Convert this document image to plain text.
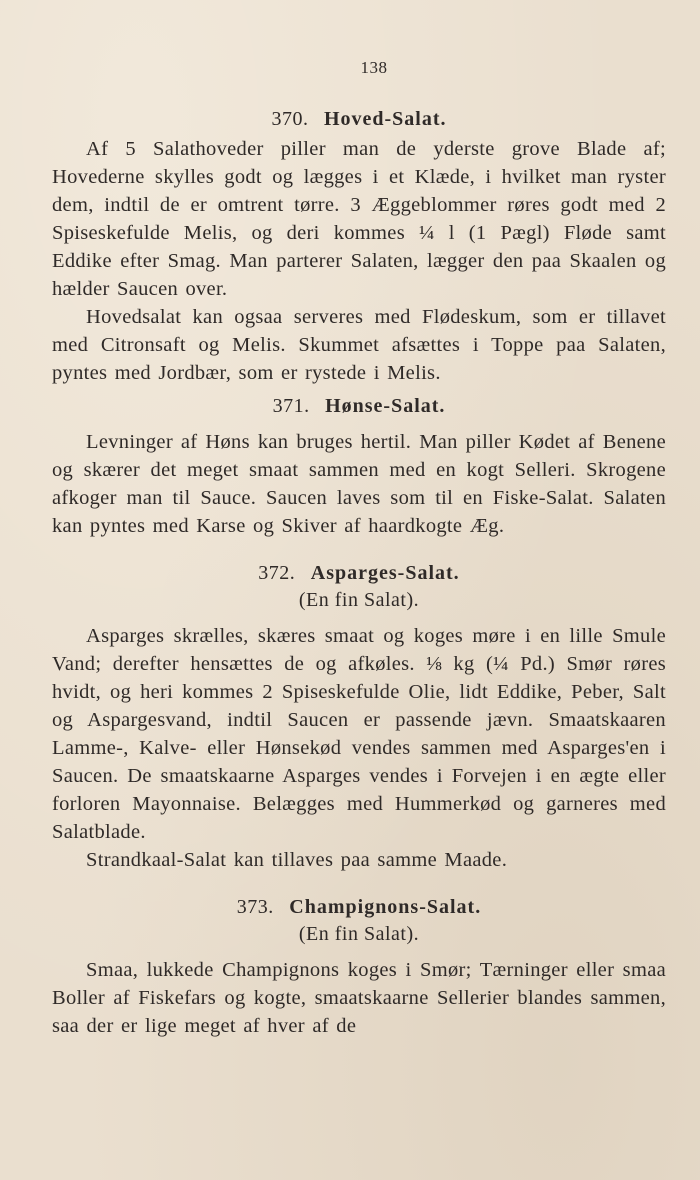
138
370. Hoved-Salat.

Af 5 Salathoveder piller man de yderste grove Blade af; Hovederne skylles godt og lægges i et Klæde, i hvilket man ryster dem, indtil de er omtrent tørre. 3 Æggeblommer røres godt med 2 Spiseskefulde Melis, og deri kommes ¼ l (1 Pægl) Fløde samt Eddike efter Smag. Man parterer Salaten, lægger den paa Skaalen og hælder Saucen over.

Hovedsalat kan ogsaa serveres med Flødeskum, som er tillavet med Citronsaft og Melis. Skummet afsættes i Toppe paa Salaten, pyntes med Jordbær, som er rystede i Melis.

371. Hønse-Salat.

Levninger af Høns kan bruges hertil. Man piller Kødet af Benene og skærer det meget smaat sammen med en kogt Selleri. Skrogene afkoger man til Sauce. Saucen laves som til en Fiske-Salat. Salaten kan pyntes med Karse og Skiver af haardkogte Æg.

372. Asparges-Salat.
(En fin Salat).

Asparges skrælles, skæres smaat og koges møre i en lille Smule Vand; derefter hensættes de og afkøles. ⅛ kg (¼ Pd.) Smør røres hvidt, og heri kommes 2 Spiseskefulde Olie, lidt Eddike, Peber, Salt og Aspargesvand, indtil Saucen er passende jævn. Smaatskaaren Lamme-, Kalve- eller Hønsekød vendes sammen med Asparges'en i Saucen. De smaatskaarne Asparges vendes i Forvejen i en ægte eller forloren Mayonnaise. Belægges med Hummerkød og garneres med Salatblade.

Strandkaal-Salat kan tillaves paa samme Maade.

373. Champignons-Salat.
(En fin Salat).

Smaa, lukkede Champignons koges i Smør; Tærninger eller smaa Boller af Fiskefars og kogte, smaatskaarne Sellerier blandes sammen, saa der er lige meget af hver af de
